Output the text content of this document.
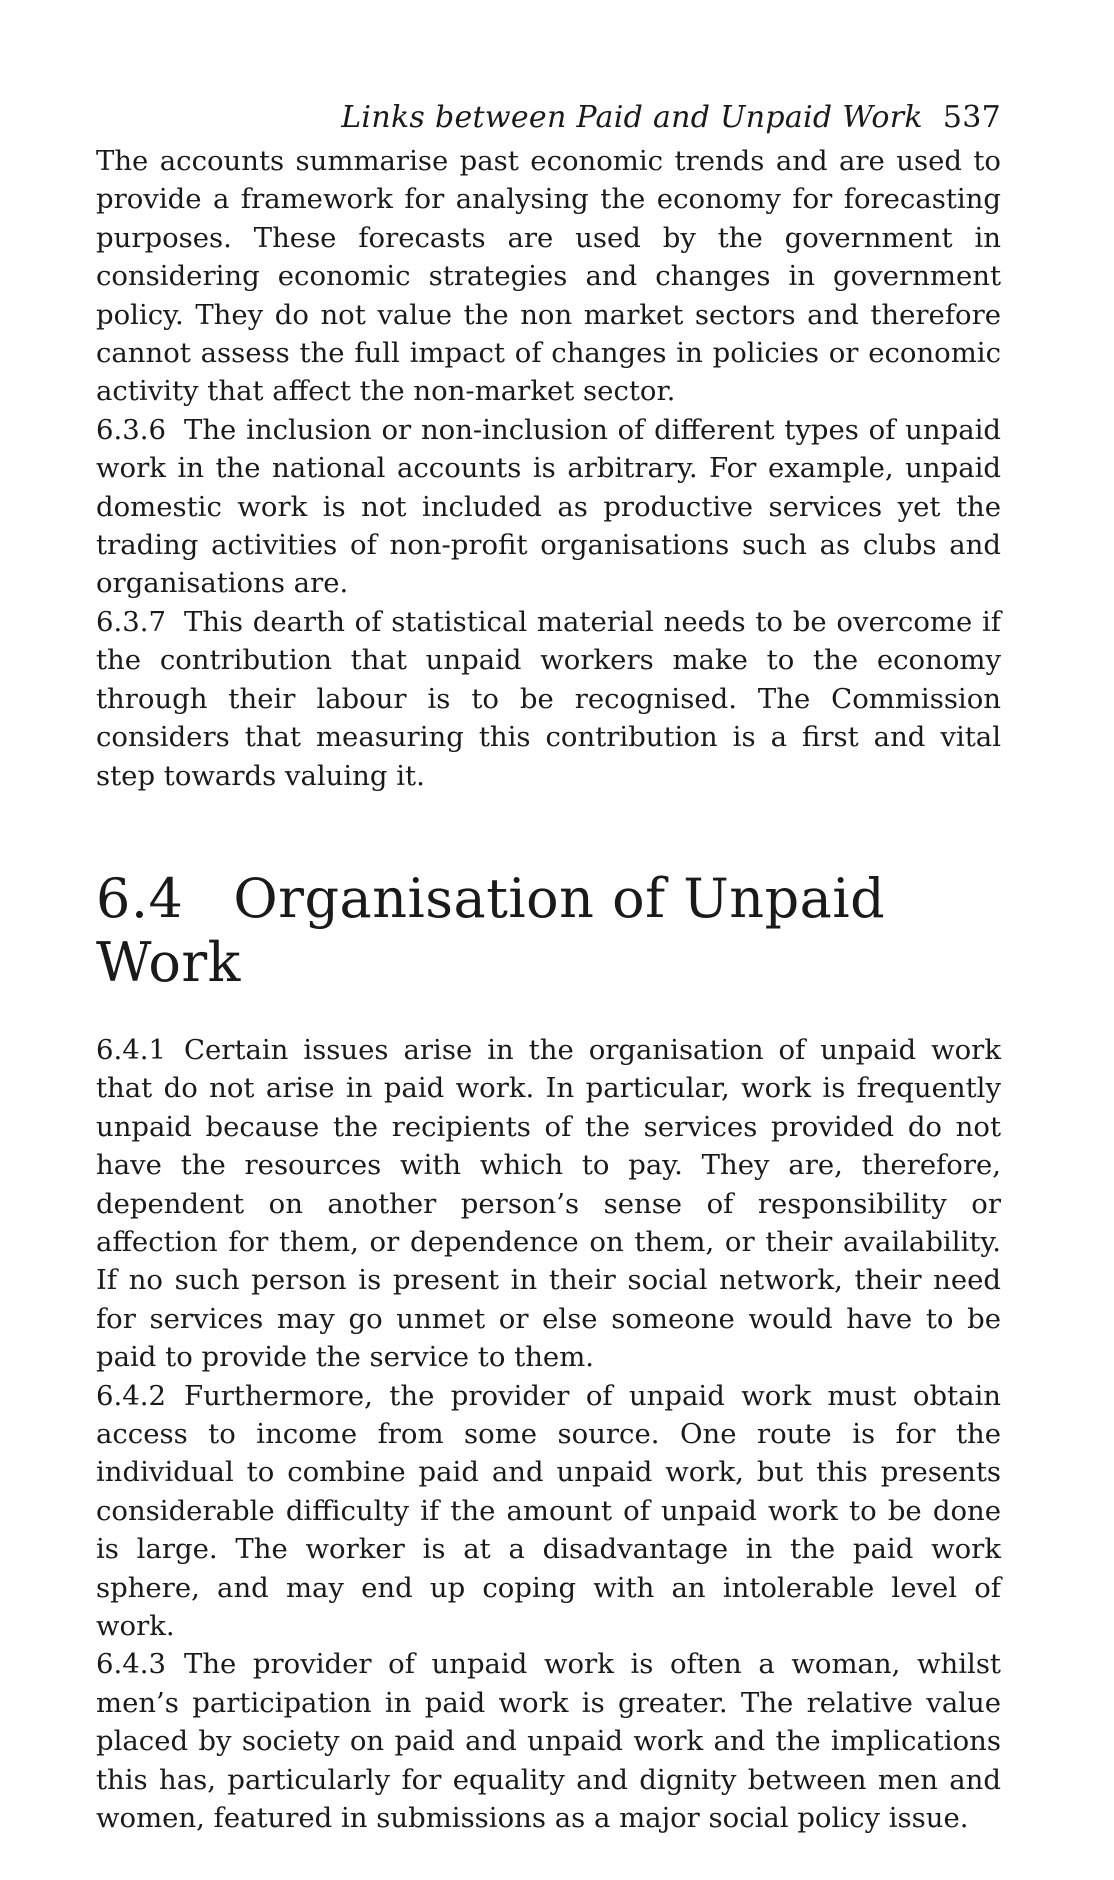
Links between Paid and Unpaid Work 537

The accounts summarise past economic trends and are used to provide a framework for analysing the economy for forecasting purposes. These forecasts are used by the government in considering economic strategies and changes in government policy. They do not value the non market sectors and therefore cannot assess the full impact of changes in policies or economic activity that affect the non-market sector.

6.3.6 The inclusion or non-inclusion of different types of unpaid work in the national accounts is arbitrary. For example, unpaid domestic work is not included as productive services yet the trading activities of non-profit organisations such as clubs and organisations are.

6.3.7 This dearth of statistical material needs to be overcome if the contribution that unpaid workers make to the economy through their labour is to be recognised. The Commission considers that measuring this contribution is a first and vital step towards valuing it.

6.4 Organisation of Unpaid Work

6.4.1 Certain issues arise in the organisation of unpaid work that do not arise in paid work. In particular, work is frequently unpaid because the recipients of the services provided do not have the resources with which to pay. They are, therefore, dependent on another person’s sense of responsibility or affection for them, or dependence on them, or their availability. If no such person is present in their social network, their need for services may go unmet or else someone would have to be paid to provide the service to them.

6.4.2 Furthermore, the provider of unpaid work must obtain access to income from some source. One route is for the individual to combine paid and unpaid work, but this presents considerable difficulty if the amount of unpaid work to be done is large. The worker is at a disadvantage in the paid work sphere, and may end up coping with an intolerable level of work.

6.4.3 The provider of unpaid work is often a woman, whilst men’s participation in paid work is greater. The relative value placed by society on paid and unpaid work and the implications this has, particularly for equality and dignity between men and women, featured in submissions as a major social policy issue.
